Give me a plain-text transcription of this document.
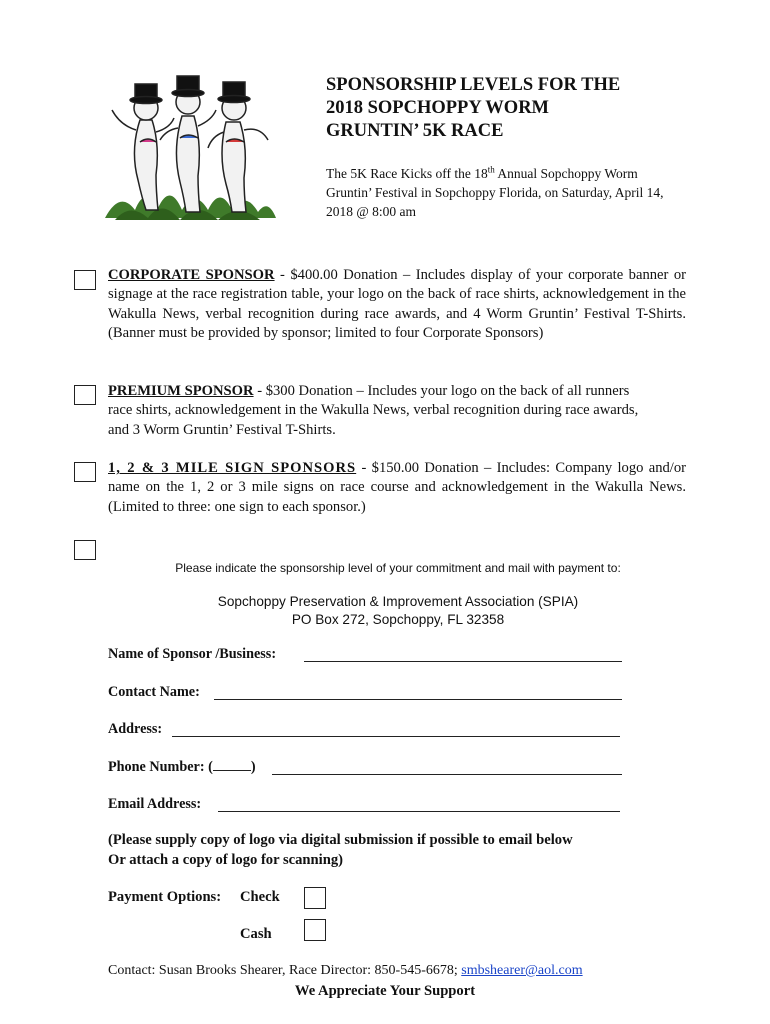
SPONSORSHIP LEVELS FOR THE
2018 SOPCHOPPY WORM
GRUNTIN’ 5K RACE
The 5K Race Kicks off the 18th Annual Sopchoppy Worm Gruntin’ Festival in Sopchoppy Florida, on Saturday, April 14, 2018 @ 8:00 am
CORPORATE SPONSOR - $400.00 Donation – Includes display of your corporate banner or signage at the race registration table, your logo on the back of race shirts, acknowledgement in the Wakulla News, verbal recognition during race awards, and 4 Worm Gruntin’ Festival T-Shirts. (Banner must be provided by sponsor; limited to four Corporate Sponsors)
PREMIUM SPONSOR - $300 Donation – Includes your logo on the back of all runners race shirts, acknowledgement in the Wakulla News, verbal recognition during race awards, and 3 Worm Gruntin’ Festival T-Shirts.
1, 2 & 3 MILE SIGN SPONSORS - $150.00 Donation – Includes: Company logo and/or name on the 1, 2 or 3 mile signs on race course and acknowledgement in the Wakulla News. (Limited to three: one sign to each sponsor.)
Please indicate the sponsorship level of your commitment and mail with payment to:
Sopchoppy Preservation & Improvement Association (SPIA)
PO Box 272, Sopchoppy, FL 32358
Name of Sponsor /Business:
Contact Name:
Address:
Phone Number: (	)
Email Address:
(Please supply copy of logo via digital submission if possible to email below
Or attach a copy of logo for scanning)
Payment Options: Check
Cash
Contact: Susan Brooks Shearer, Race Director: 850-545-6678; smbshearer@aol.com
We Appreciate Your Support
